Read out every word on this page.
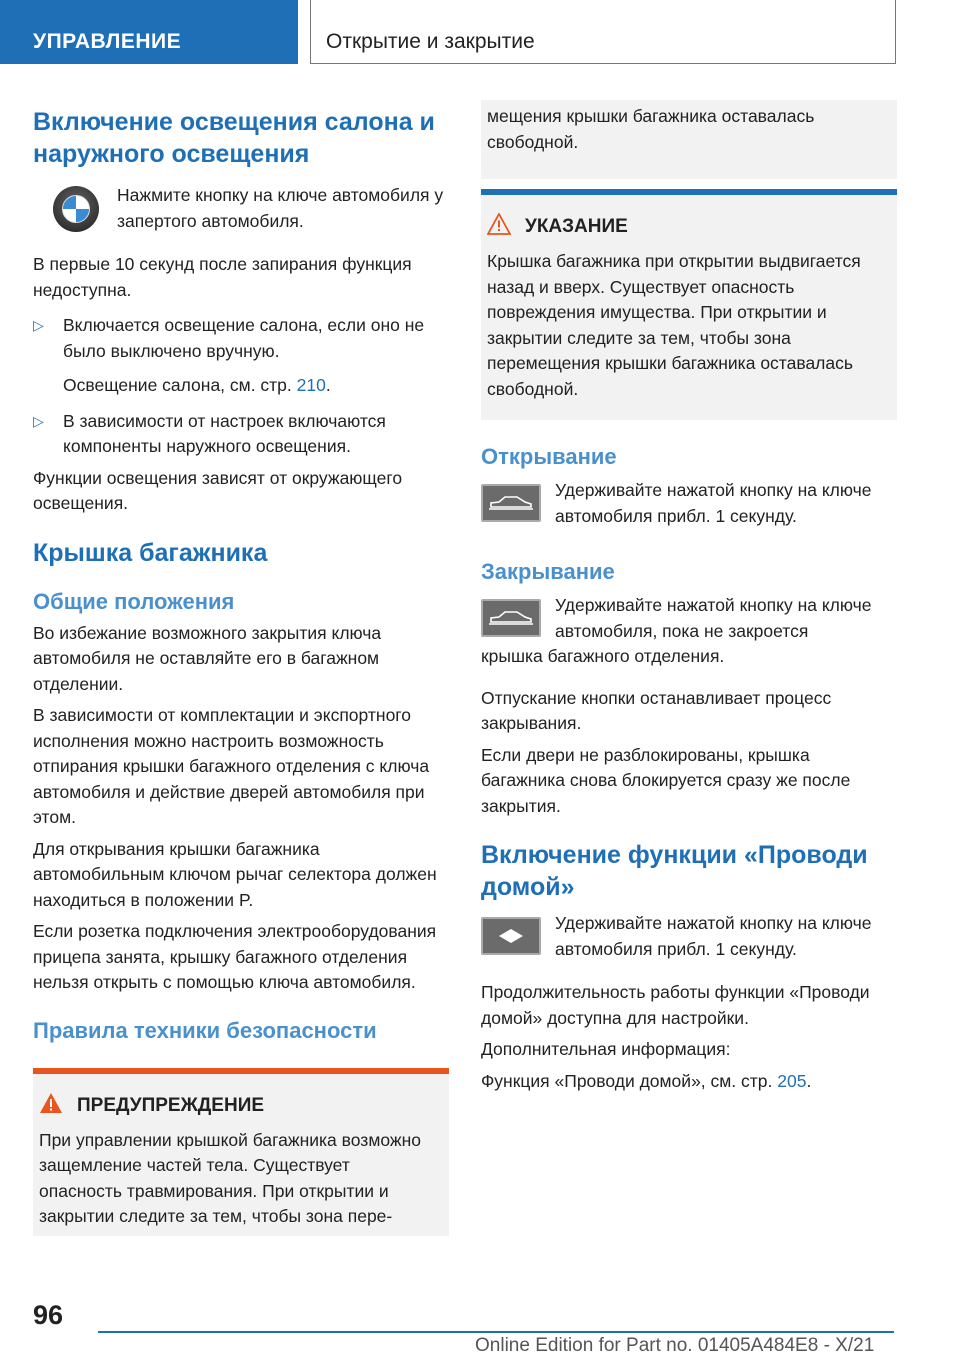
УПРАВЛЕНИЕ	Открытие и закрытие
Включение освещения салона и наружного освещения
Нажмите кнопку на ключе автомобиля у запертого автомобиля.
В первые 10 секунд после запирания функция недоступна.
▷ Включается освещение салона, если оно не было выключено вручную.
Освещение салона, см. стр. 210.
▷ В зависимости от настроек включаются компоненты наружного освещения.
Функции освещения зависят от окружающего освещения.
Крышка багажника
Общие положения
Во избежание возможного закрытия ключа автомобиля не оставляйте его в багажном отделении.
В зависимости от комплектации и экспортного исполнения можно настроить возможность отпирания крышки багажного отделения с ключа автомобиля и действие дверей автомобиля при этом.
Для открывания крышки багажника автомобильным ключом рычаг селектора должен находиться в положении P.
Если розетка подключения электрооборудования прицепа занята, крышку багажного отделения нельзя открыть с помощью ключа автомобиля.
Правила техники безопасности
ПРЕДУПРЕЖДЕНИЕ
При управлении крышкой багажника возможно защемление частей тела. Существует опасность травмирования. При открытии и закрытии следите за тем, чтобы зона пере-
мещения крышки багажника оставалась свободной.
УКАЗАНИЕ
Крышка багажника при открытии выдвигается назад и вверх. Существует опасность повреждения имущества. При открытии и закрытии следите за тем, чтобы зона перемещения крышки багажника оставалась свободной.
Открывание
Удерживайте нажатой кнопку на ключе автомобиля прибл. 1 секунду.
Закрывание
Удерживайте нажатой кнопку на ключе автомобиля, пока не закроется
крышка багажного отделения.
Отпускание кнопки останавливает процесс закрывания.
Если двери не разблокированы, крышка багажника снова блокируется сразу же после закрытия.
Включение функции «Проводи домой»
Удерживайте нажатой кнопку на ключе автомобиля прибл. 1 секунду.
Продолжительность работы функции «Проводи домой» доступна для настройки.
Дополнительная информация:
Функция «Проводи домой», см. стр. 205.
96
Online Edition for Part no. 01405A484E8 - X/21
